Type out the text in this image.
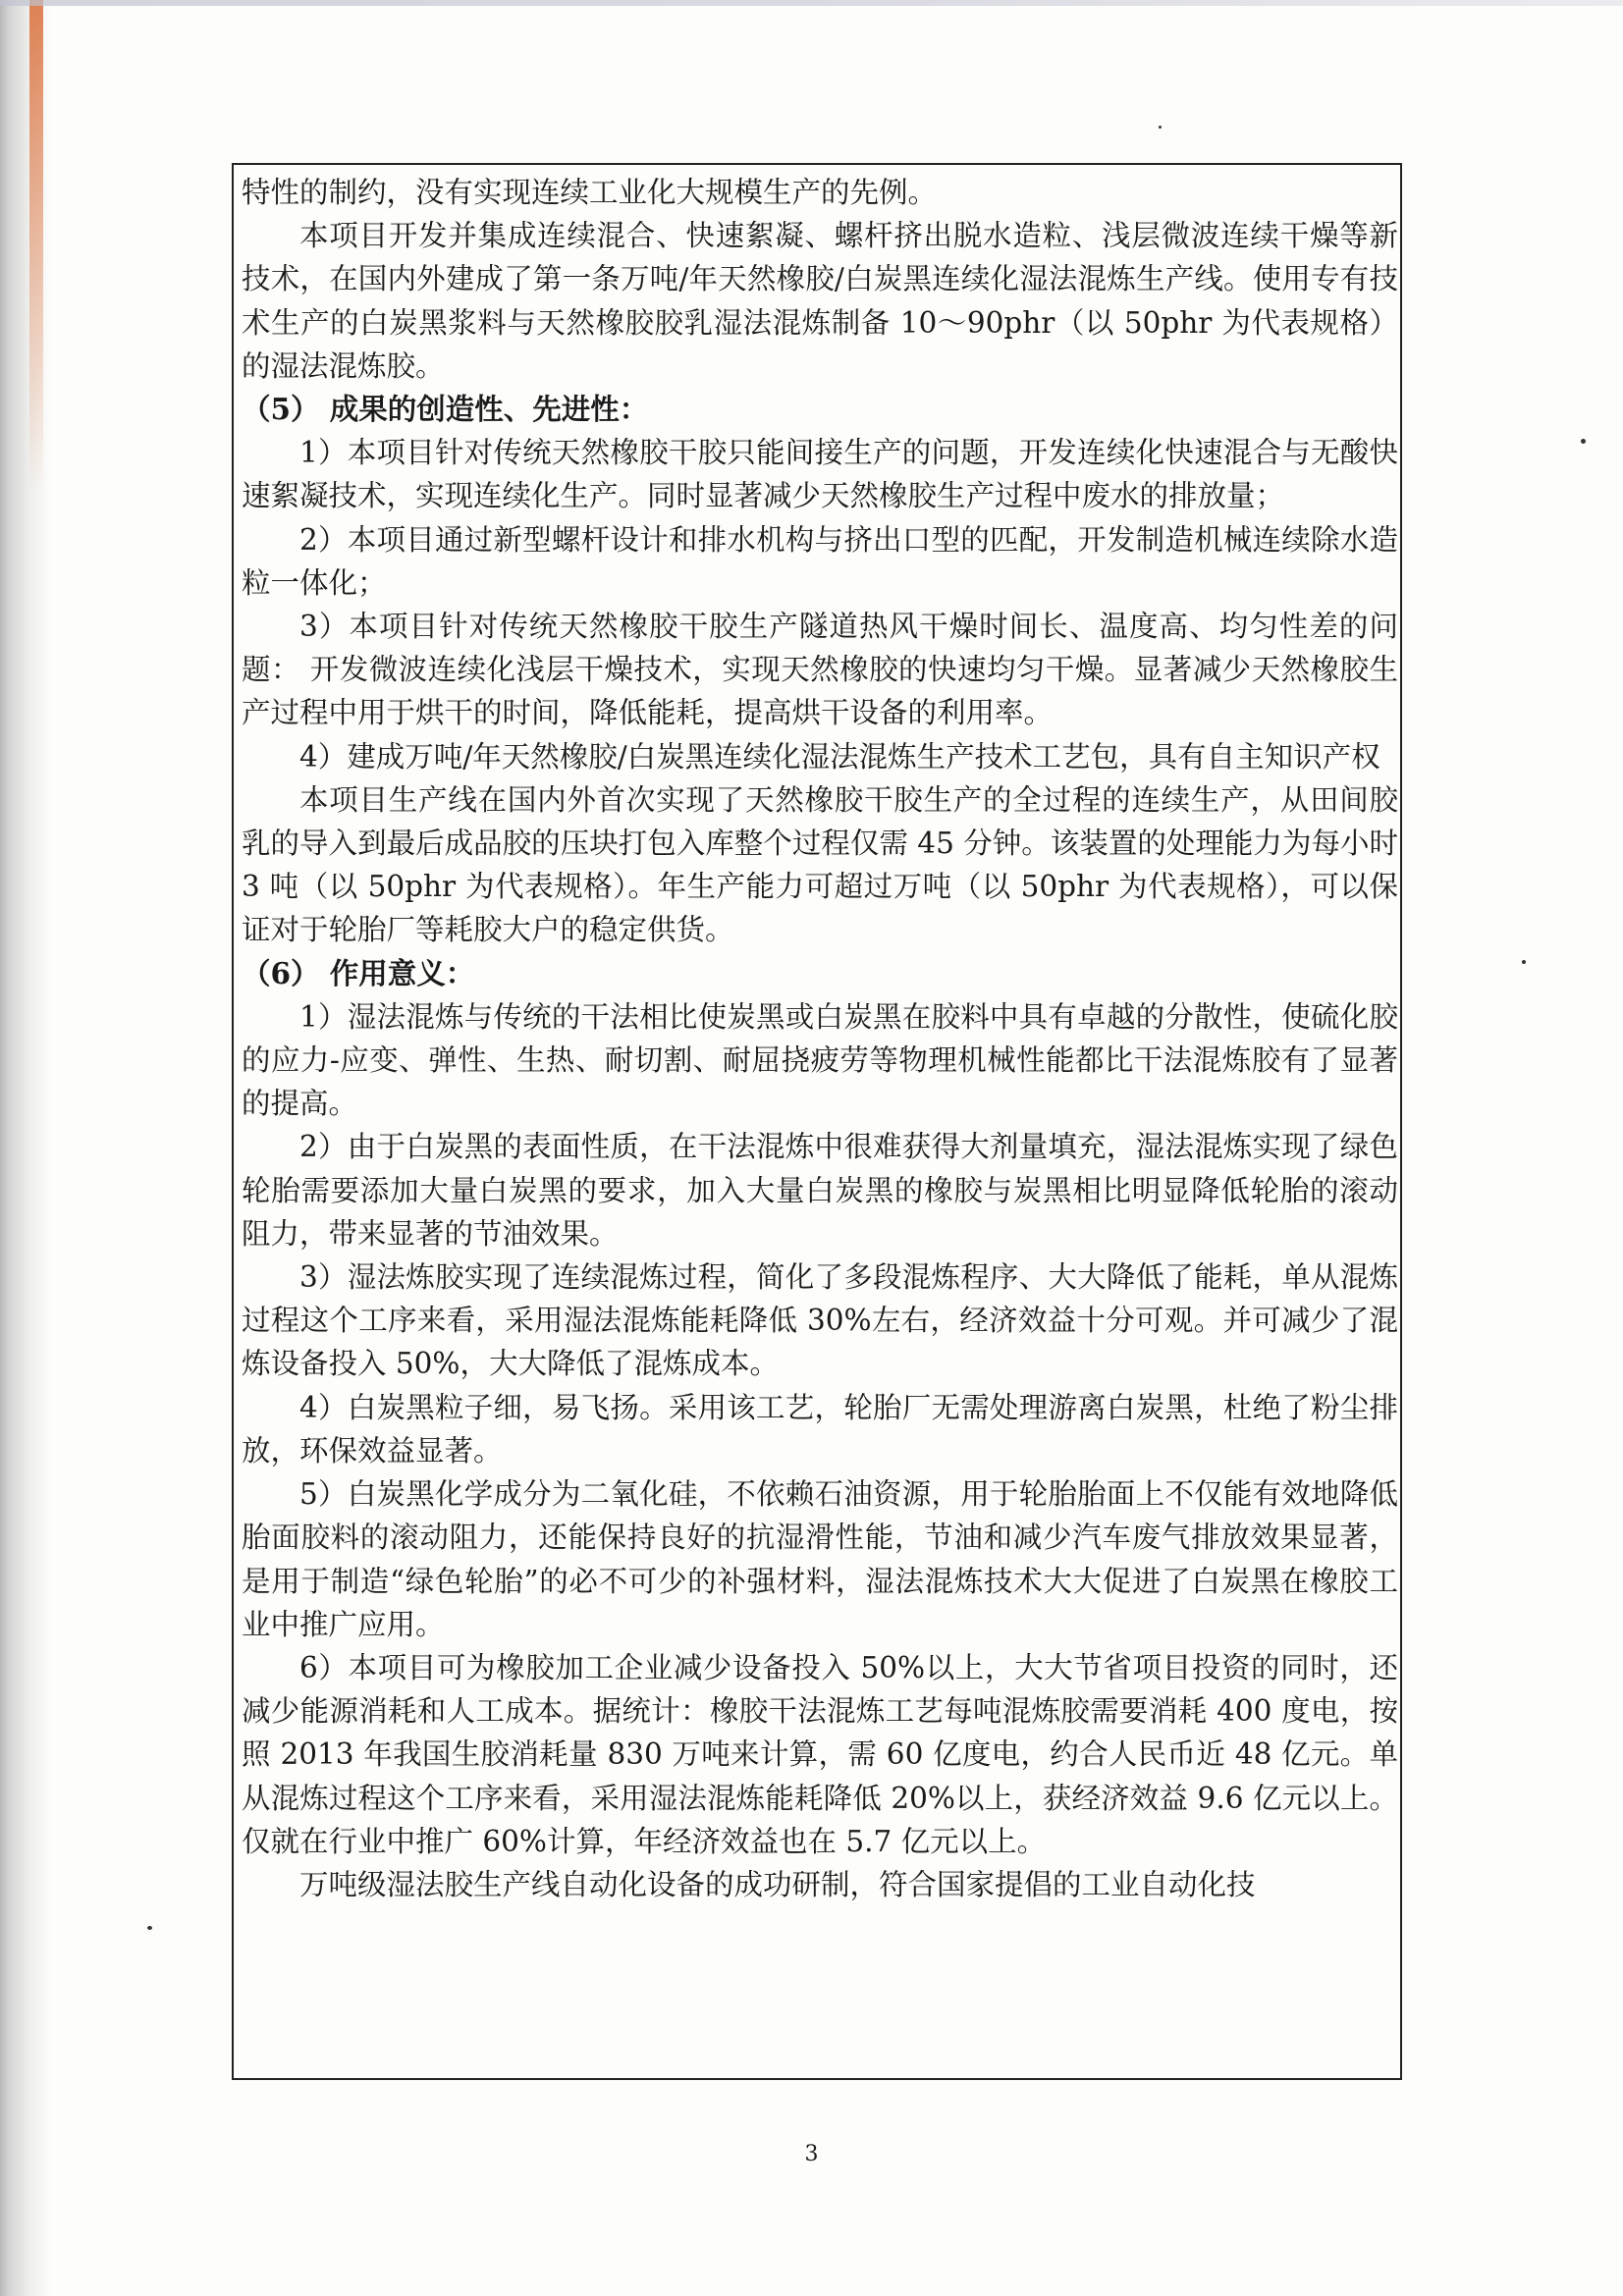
特性的制约，没有实现连续工业化大规模生产的先例。

本项目开发并集成连续混合、快速絮凝、螺杆挤出脱水造粒、浅层微波连续干燥等新技术，在国内外建成了第一条万吨/年天然橡胶/白炭黑连续化湿法混炼生产线。使用专有技术生产的白炭黑浆料与天然橡胶胶乳湿法混炼制备 10～90phr（以 50phr 为代表规格）的湿法混炼胶。

（5） 成果的创造性、先进性：

1）本项目针对传统天然橡胶干胶只能间接生产的问题，开发连续化快速混合与无酸快速絮凝技术，实现连续化生产。同时显著减少天然橡胶生产过程中废水的排放量；

2）本项目通过新型螺杆设计和排水机构与挤出口型的匹配，开发制造机械连续除水造粒一体化；

3）本项目针对传统天然橡胶干胶生产隧道热风干燥时间长、温度高、均匀性差的问题： 开发微波连续化浅层干燥技术，实现天然橡胶的快速均匀干燥。显著减少天然橡胶生产过程中用于烘干的时间，降低能耗，提高烘干设备的利用率。

4）建成万吨/年天然橡胶/白炭黑连续化湿法混炼生产技术工艺包，具有自主知识产权

本项目生产线在国内外首次实现了天然橡胶干胶生产的全过程的连续生产，从田间胶乳的导入到最后成品胶的压块打包入库整个过程仅需 45 分钟。该装置的处理能力为每小时 3 吨（以 50phr 为代表规格）。年生产能力可超过万吨（以 50phr 为代表规格），可以保证对于轮胎厂等耗胶大户的稳定供货。

（6） 作用意义：

1）湿法混炼与传统的干法相比使炭黑或白炭黑在胶料中具有卓越的分散性，使硫化胶的应力-应变、弹性、生热、耐切割、耐屈挠疲劳等物理机械性能都比干法混炼胶有了显著的提高。

2）由于白炭黑的表面性质，在干法混炼中很难获得大剂量填充，湿法混炼实现了绿色轮胎需要添加大量白炭黑的要求，加入大量白炭黑的橡胶与炭黑相比明显降低轮胎的滚动阻力，带来显著的节油效果。

3）湿法炼胶实现了连续混炼过程，简化了多段混炼程序、大大降低了能耗，单从混炼过程这个工序来看，采用湿法混炼能耗降低 30%左右，经济效益十分可观。并可减少了混炼设备投入 50%，大大降低了混炼成本。

4）白炭黑粒子细，易飞扬。采用该工艺，轮胎厂无需处理游离白炭黑，杜绝了粉尘排放，环保效益显著。

5）白炭黑化学成分为二氧化硅，不依赖石油资源，用于轮胎胎面上不仅能有效地降低胎面胶料的滚动阻力，还能保持良好的抗湿滑性能，节油和减少汽车废气排放效果显著，是用于制造“绿色轮胎”的必不可少的补强材料，湿法混炼技术大大促进了白炭黑在橡胶工业中推广应用。

6）本项目可为橡胶加工企业减少设备投入 50%以上，大大节省项目投资的同时，还减少能源消耗和人工成本。据统计：橡胶干法混炼工艺每吨混炼胶需要消耗 400 度电，按照 2013 年我国生胶消耗量 830 万吨来计算，需 60 亿度电，约合人民币近 48 亿元。单从混炼过程这个工序来看，采用湿法混炼能耗降低 20%以上，获经济效益 9.6 亿元以上。仅就在行业中推广 60%计算，年经济效益也在 5.7 亿元以上。

万吨级湿法胶生产线自动化设备的成功研制，符合国家提倡的工业自动化技

3
